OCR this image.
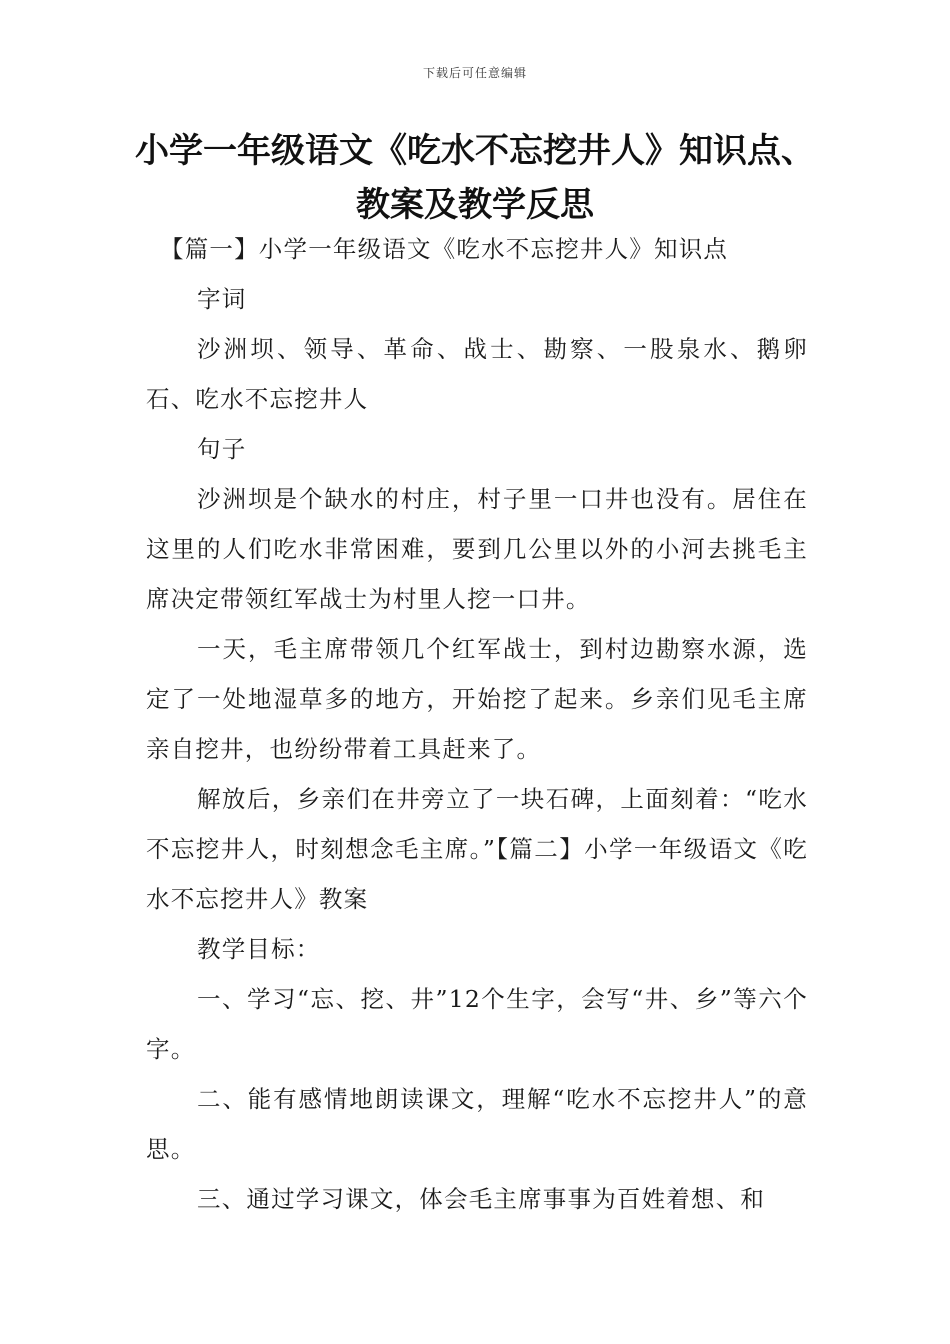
下载后可任意编辑
小学一年级语文《吃水不忘挖井人》知识点、教案及教学反思

【篇一】小学一年级语文《吃水不忘挖井人》知识点

字词

沙洲坝、领导、革命、战士、勘察、一股泉水、鹅卵石、吃水不忘挖井人

句子

沙洲坝是个缺水的村庄，村子里一口井也没有。居住在这里的人们吃水非常困难，要到几公里以外的小河去挑毛主席决定带领红军战士为村里人挖一口井。

一天，毛主席带领几个红军战士，到村边勘察水源，选定了一处地湿草多的地方，开始挖了起来。乡亲们见毛主席亲自挖井，也纷纷带着工具赶来了。

解放后，乡亲们在井旁立了一块石碑，上面刻着：“吃水不忘挖井人，时刻想念毛主席。”【篇二】小学一年级语文《吃水不忘挖井人》教案

教学目标：

一、学习“忘、挖、井”12个生字，会写“井、乡”等六个字。

二、能有感情地朗读课文，理解“吃水不忘挖井人”的意思。

三、通过学习课文，体会毛主席事事为百姓着想、和
